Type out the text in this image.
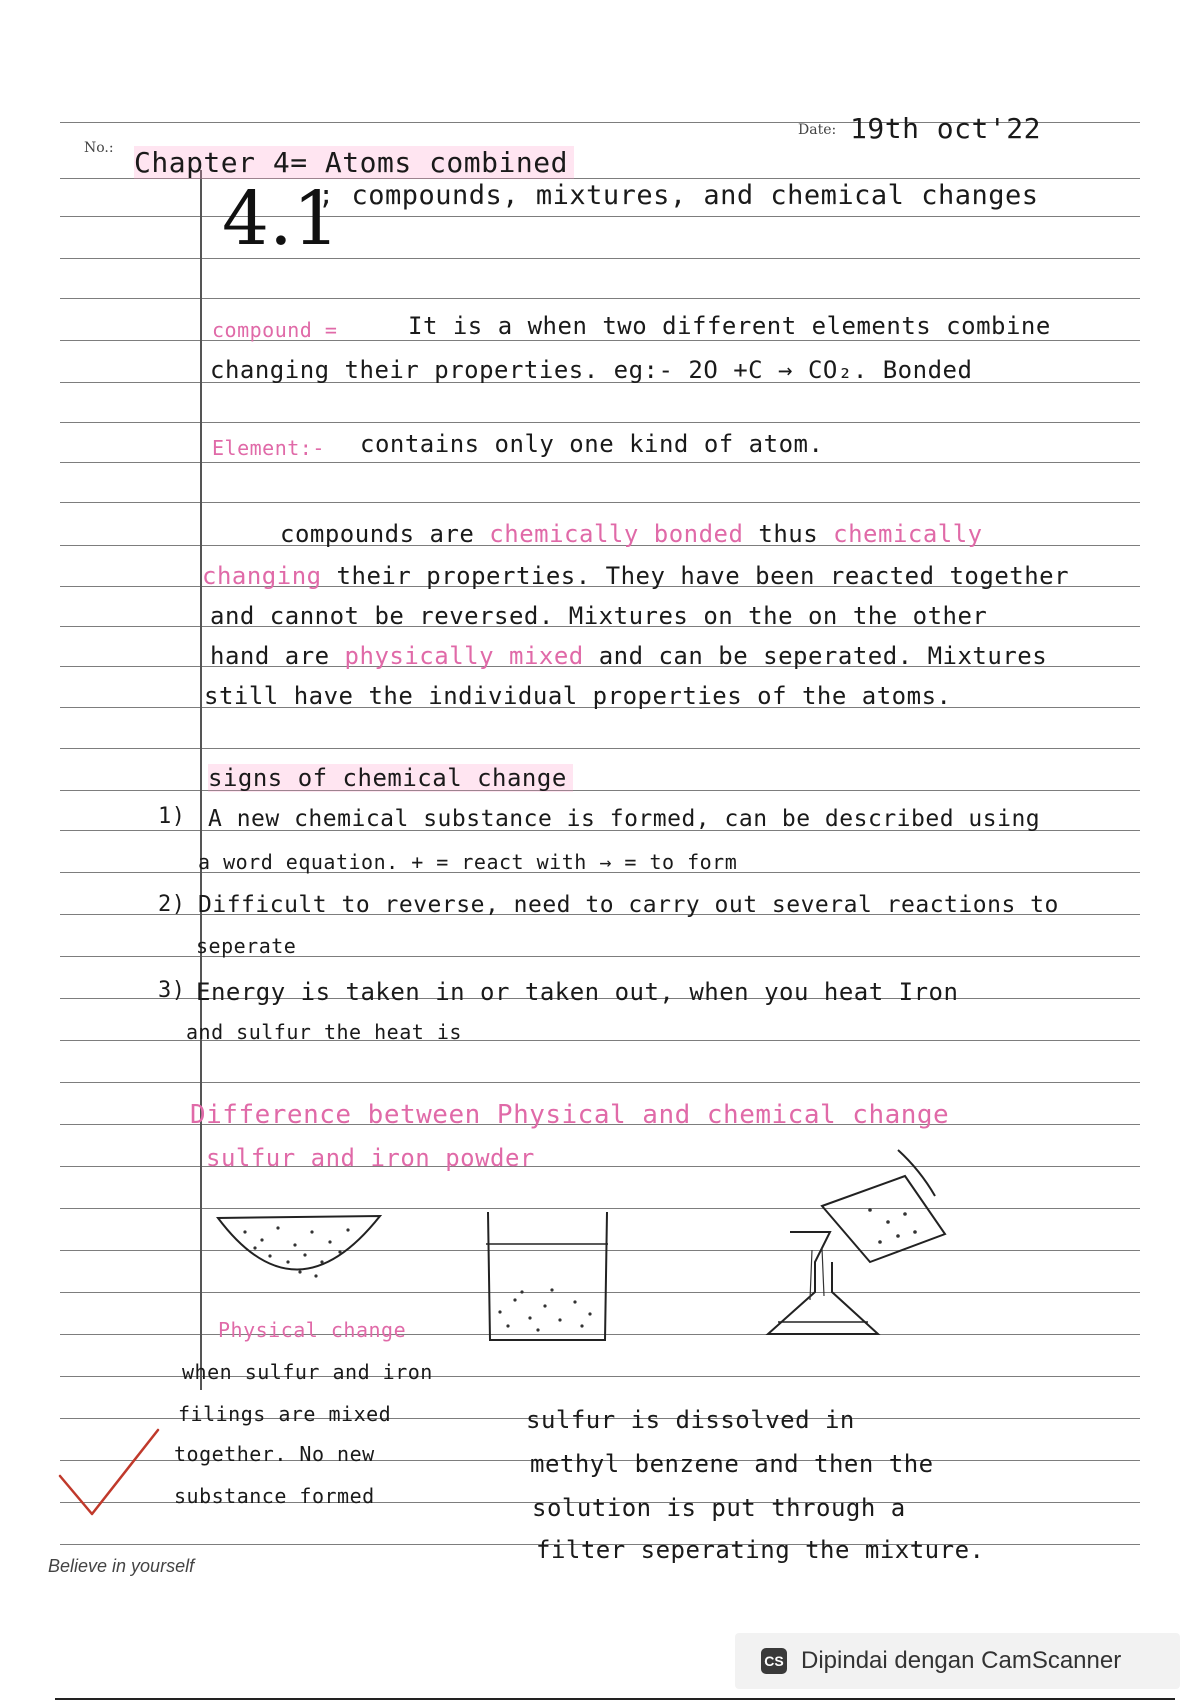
No.:
Date: 19th oct'22
Chapter 4= Atoms combined
4.1
; compounds, mixtures, and chemical changes
compound =	It is a when two different elements combine
changing their properties. eg:- 2O +C → CO₂. Bonded
Element:- contains only one kind of atom.
compounds are chemically bonded thus chemically
changing their properties. They have been reacted together
and cannot be reversed. Mixtures on the on the other
hand are physically mixed and can be seperated. Mixtures
still have the individual properties of the atoms.
signs of chemical change
1) A new chemical substance is formed, can be described using
a word equation. + = react with → = to form
2) Difficult to reverse, need to carry out several reactions to
seperate
3) Energy is taken in or taken out, when you heat Iron
and sulfur the heat is
Difference between Physical and chemical change
sulfur and iron powder
Physical change
when sulfur and iron
filings are mixed
together. No new
substance formed
sulfur is dissolved in
methyl benzene and then the
solution is put through a
filter seperating the mixture.
Believe in yourself
CS Dipindai dengan CamScanner
